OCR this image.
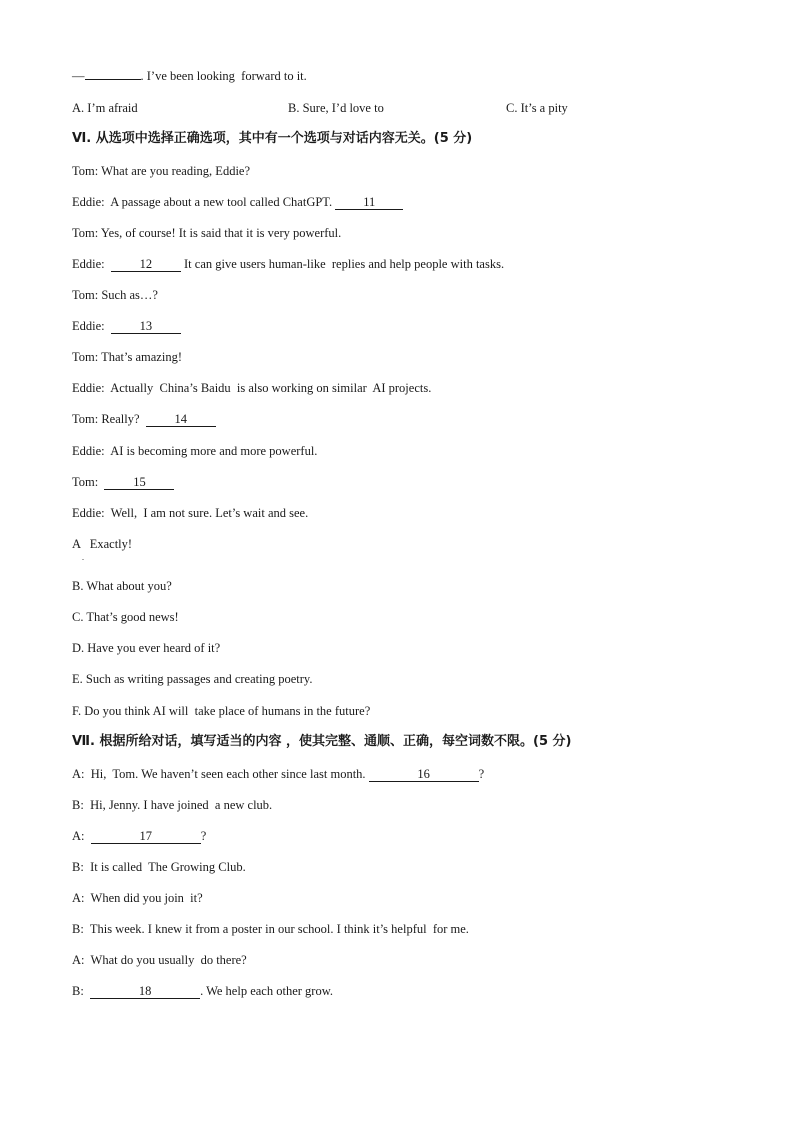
—	. I’ve been looking  forward to it.
A. I’m afraid	B. Sure, I’d love to	C. It’s a pity
Ⅵ. 从选项中选择正确选项，其中有一个选项与对话内容无关。(5 分)
Tom: What are you reading, Eddie?
Eddie:  A passage about a new tool called ChatGPT. 11
Tom: Yes, of course! It is said that it is very powerful.
Eddie:	12 It can give users human-like  replies and help people with tasks.
Tom: Such as…?
Eddie:	13
Tom: That’s amazing!
Eddie:  Actually  China’s Baidu  is also working on similar  AI projects.
Tom: Really?  14
Eddie:  AI is becoming more and more powerful.
Tom:	15
Eddie:  Well,  I am not sure. Let’s wait and see.
A   Exactly!
.
B. What about you?
C. That’s good news!
D. Have you ever heard of it?
E. Such as writing passages and creating poetry.
F. Do you think AI will  take place of humans in the future?
Ⅶ. 根据所给对话，填写适当的内容 ，使其完整、通顺、正确，每空词数不限。(5 分)
A:  Hi,  Tom. We haven’t seen each other since last month.	16	?
B:  Hi, Jenny. I have joined  a new club.
A:	17	?
B:  It is called  The Growing Club.
A:  When did you join  it?
B:  This week. I knew it from a poster in our school. I think it’s helpful  for me.
A:  What do you usually  do there?
B:	18	. We help each other grow.
